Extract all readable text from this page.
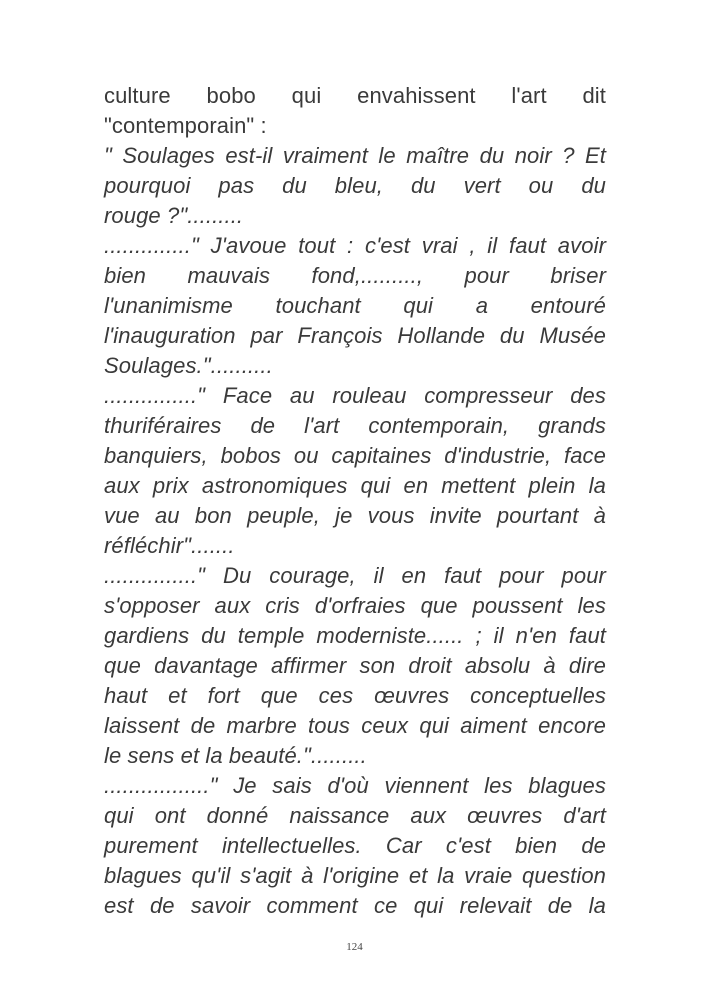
culture bobo qui envahissent l'art dit
"contemporain" :
" Soulages est-il vraiment le maître du noir ? Et
pourquoi pas du bleu, du vert ou du
rouge ?".........
.............." J'avoue tout : c'est vrai , il faut avoir
bien mauvais fond,........., pour briser
l'unanimisme touchant qui a entouré
l'inauguration par François Hollande du Musée
Soulages."..........
..............." Face au rouleau compresseur des
thuriféraires de l'art contemporain, grands
banquiers, bobos ou capitaines d'industrie, face
aux prix astronomiques qui en mettent plein la
vue au bon peuple, je vous invite pourtant à
réfléchir".......
..............." Du courage, il en faut pour pour
s'opposer aux cris d'orfraies que poussent les
gardiens du temple moderniste...... ; il n'en faut
que davantage affirmer son droit absolu à dire
haut et fort que ces œuvres conceptuelles
laissent de marbre tous ceux qui aiment encore
le sens et la beauté.".........
................." Je sais d'où viennent les blagues
qui ont donné naissance aux œuvres d'art
purement intellectuelles. Car c'est bien de
blagues qu'il s'agit à l'origine et la vraie question
est de savoir comment ce qui relevait de la
124
